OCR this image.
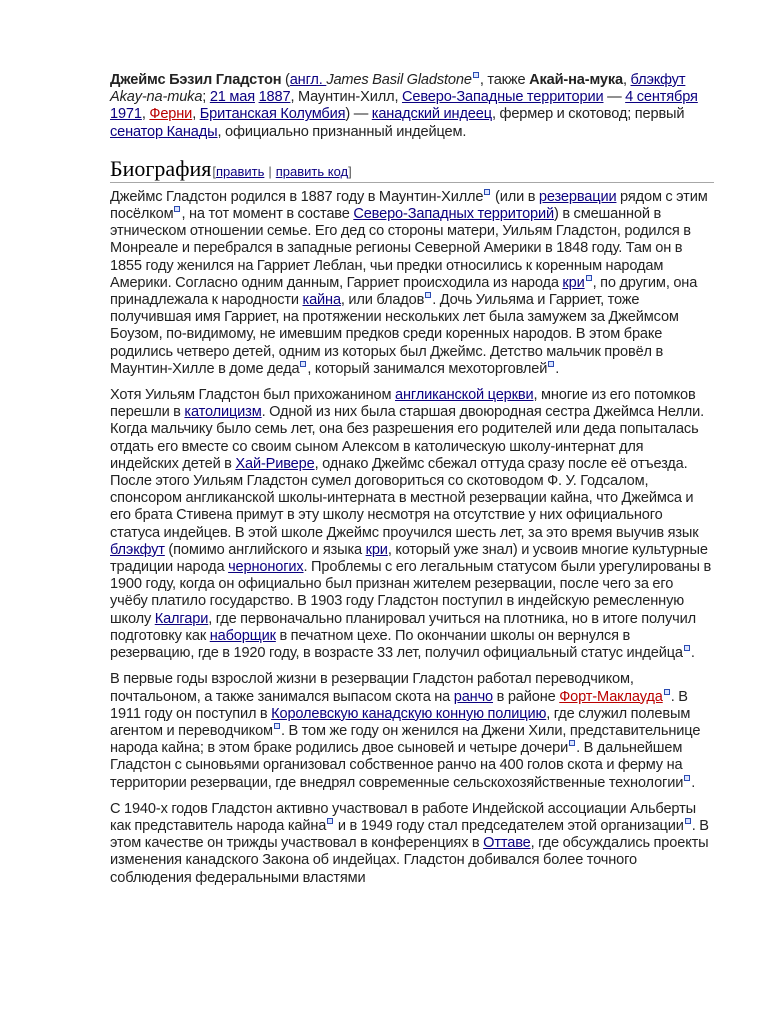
Джеймс Бэзил Гладстон (англ. James Basil Gladstone , также Акай-на-мука, блэкфут Akay-na-muka; 21 мая 1887, Маунтин-Хилл, Северо-Западные территории — 4 сентября 1971, Ферни, Британская Колумбия) — канадский индеец, фермер и скотовод; первый сенатор Канады, официально признанный индейцем.

Биография [править | править код]

Джеймс Гладстон родился в 1887 году в Маунтин-Хилле (или в резервации рядом с этим посёлком , на тот момент в составе Северо-Западных территорий) в смешанной в этническом отношении семье. Его дед со стороны матери, Уильям Гладстон, родился в Монреале и перебрался в западные регионы Северной Америки в 1848 году. Там он в 1855 году женился на Гарриет Леблан, чьи предки относились к коренным народам Америки. Согласно одним данным, Гарриет происходила из народа кри , по другим, она принадлежала к народности кайна, или бладов . Дочь Уильяма и Гарриет, тоже получившая имя Гарриет, на протяжении нескольких лет была замужем за Джеймсом Боузом, по-видимому, не имевшим предков среди коренных народов. В этом браке родились четверо детей, одним из которых был Джеймс. Детство мальчик провёл в Маунтин-Хилле в доме деда , который занимался мехоторговлей .

Хотя Уильям Гладстон был прихожанином англиканской церкви, многие из его потомков перешли в католицизм. Одной из них была старшая двоюродная сестра Джеймса Нелли. Когда мальчику было семь лет, она без разрешения его родителей или деда попыталась отдать его вместе со своим сыном Алексом в католическую школу-интернат для индейских детей в Хай-Ривере, однако Джеймс сбежал оттуда сразу после её отъезда. После этого Уильям Гладстон сумел договориться со скотоводом Ф. У. Годсалом, спонсором англиканской школы-интерната в местной резервации кайна, что Джеймса и его брата Стивена примут в эту школу несмотря на отсутствие у них официального статуса индейцев. В этой школе Джеймс проучился шесть лет, за это время выучив язык блэкфут (помимо английского и языка кри, который уже знал) и усвоив многие культурные традиции народа черноногих. Проблемы с его легальным статусом были урегулированы в 1900 году, когда он официально был признан жителем резервации, после чего за его учёбу платило государство. В 1903 году Гладстон поступил в индейскую ремесленную школу Калгари, где первоначально планировал учиться на плотника, но в итоге получил подготовку как наборщик в печатном цехе. По окончании школы он вернулся в резервацию, где в 1920 году, в возрасте 33 лет, получил официальный статус индейца .

В первые годы взрослой жизни в резервации Гладстон работал переводчиком, почтальоном, а также занимался выпасом скота на ранчо в районе Форт-Маклауда . В 1911 году он поступил в Королевскую канадскую конную полицию, где служил полевым агентом и переводчиком . В том же году он женился на Джени Хили, представительнице народа кайна; в этом браке родились двое сыновей и четыре дочери . В дальнейшем Гладстон с сыновьями организовал собственное ранчо на 400 голов скота и ферму на территории резервации, где внедрял современные сельскохозяйственные технологии .

С 1940-х годов Гладстон активно участвовал в работе Индейской ассоциации Альберты как представитель народа кайна и в 1949 году стал председателем этой организации . В этом качестве он трижды участвовал в конференциях в Оттаве, где обсуждались проекты изменения канадского Закона об индейцах. Гладстон добивался более точного соблюдения федеральными властями
